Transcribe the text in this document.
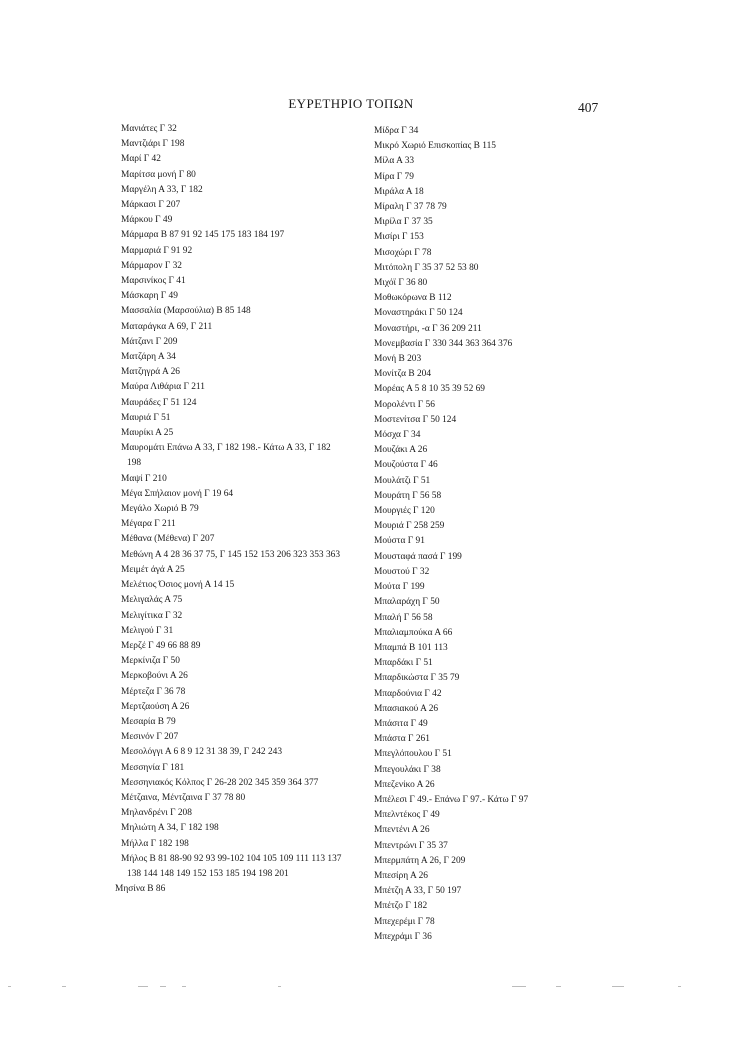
ΕΥΡΕΤΗΡΙΟ ΤΟΠΩΝ	407
Μανιάτες Γ 32
Μαντζιάρι Γ 198
Μαρί Γ 42
Μαρίτσα μονή Γ 80
Μαργέλη Α 33, Γ 182
Μάρκασι Γ 207
Μάρκου Γ 49
Μάρμαρα Β 87 91 92 145 175 183 184 197
Μαρμαριά Γ 91 92
Μάρμαρον Γ 32
Μαρσινίκος Γ 41
Μάσκαρη Γ 49
Μασσαλία (Μαρσούλια) Β 85 148
Ματαράγκα Α 69, Γ 211
Μάτζανι Γ 209
Ματζάρη Α 34
Ματζηγρά Α 26
Μαύρα Λιθάρια Γ 211
Μαυράδες Γ 51 124
Μαυριά Γ 51
Μαυρίκι Α 25
Μαυρομάτι Επάνω Α 33, Γ 182 198.- Κάτω Α 33, Γ 182 198
Μαψί Γ 210
Μέγα Σπήλαιον μονή Γ 19 64
Μεγάλο Χωριό Β 79
Μέγαρα Γ 211
Μέθανα (Μέθενα) Γ 207
Μεθώνη Α 4 28 36 37 75, Γ 145 152 153 206 323 353 363
Μειμέτ άγά Α 25
Μελέτιος Όσιος μονή Α 14 15
Μελιγαλάς Α 75
Μελιγίτικα Γ 32
Μελιγού Γ 31
Μερζέ Γ 49 66 88 89
Μερκίνιζα Γ 50
Μερκοβούνι Α 26
Μέρτεζα Γ 36 78
Μερτζαούση Α 26
Μεσαρία Β 79
Μεσινόν Γ 207
Μεσολόγγι Α 6 8 9 12 31 38 39, Γ 242 243
Μεσσηνία Γ 181
Μεσσηνιακός Κόλπος Γ 26-28 202 345 359 364 377
Μέτζαινα, Μέντζαινα Γ 37 78 80
Μηλανδρένι Γ 208
Μηλιώτη Α 34, Γ 182 198
Μήλλα Γ 182 198
Μήλος Β 81 88-90 92 93 99-102 104 105 109 111 113 137 138 144 148 149 152 153 185 194 198 201
Μησίνα Β 86
Μίδρα Γ 34
Μικρό Χωριό Επισκοπίας Β 115
Μίλα Α 33
Μίρα Γ 79
Μιράλα Α 18
Μίραλη Γ 37 78 79
Μιρίλα Γ 37 35
Μισίρι Γ 153
Μισοχώρι Γ 78
Μιτόπολη Γ 35 37 52 53 80
Μιχόϊ Γ 36 80
Μοθωκόρωνα Β 112
Μοναστηράκι Γ 50 124
Μοναστήρι, -α Γ 36 209 211
Μονεμβασία Γ 330 344 363 364 376
Μονή Β 203
Μονίτζα Β 204
Μορέας Α 5 8 10 35 39 52 69
Μορολέντι Γ 56
Μοστενίτσα Γ 50 124
Μόσχα Γ 34
Μουζάκι Α 26
Μουζούστα Γ 46
Μουλάτζι Γ 51
Μουράτη Γ 56 58
Μουργιές Γ 120
Μουριά Γ 258 259
Μούστα Γ 91
Μουσταφά πασά Γ 199
Μουστού Γ 32
Μούτα Γ 199
Μπαλαράχη Γ 50
Μπαλή Γ 56 58
Μπαλιαμπούκα Α 66
Μπαμπά Β 101 113
Μπαρδάκι Γ 51
Μπαρδικώστα Γ 35 79
Μπαρδούνια Γ 42
Μπασιακού Α 26
Μπάσιτα Γ 49
Μπάστα Γ 261
Μπεγλόπουλου Γ 51
Μπεγουλάκι Γ 38
Μπεζενίκο Α 26
Μπέλεσι Γ 49.- Επάνω Γ 97.- Κάτω Γ 97
Μπελντέκος Γ 49
Μπεντένι Α 26
Μπεντρώνι Γ 35 37
Μπερμπάτη Α 26, Γ 209
Μπεσίρη Α 26
Μπέτζη Α 33, Γ 50 197
Μπέτζο Γ 182
Μπεχερέμι Γ 78
Μπεχράμι Γ 36
